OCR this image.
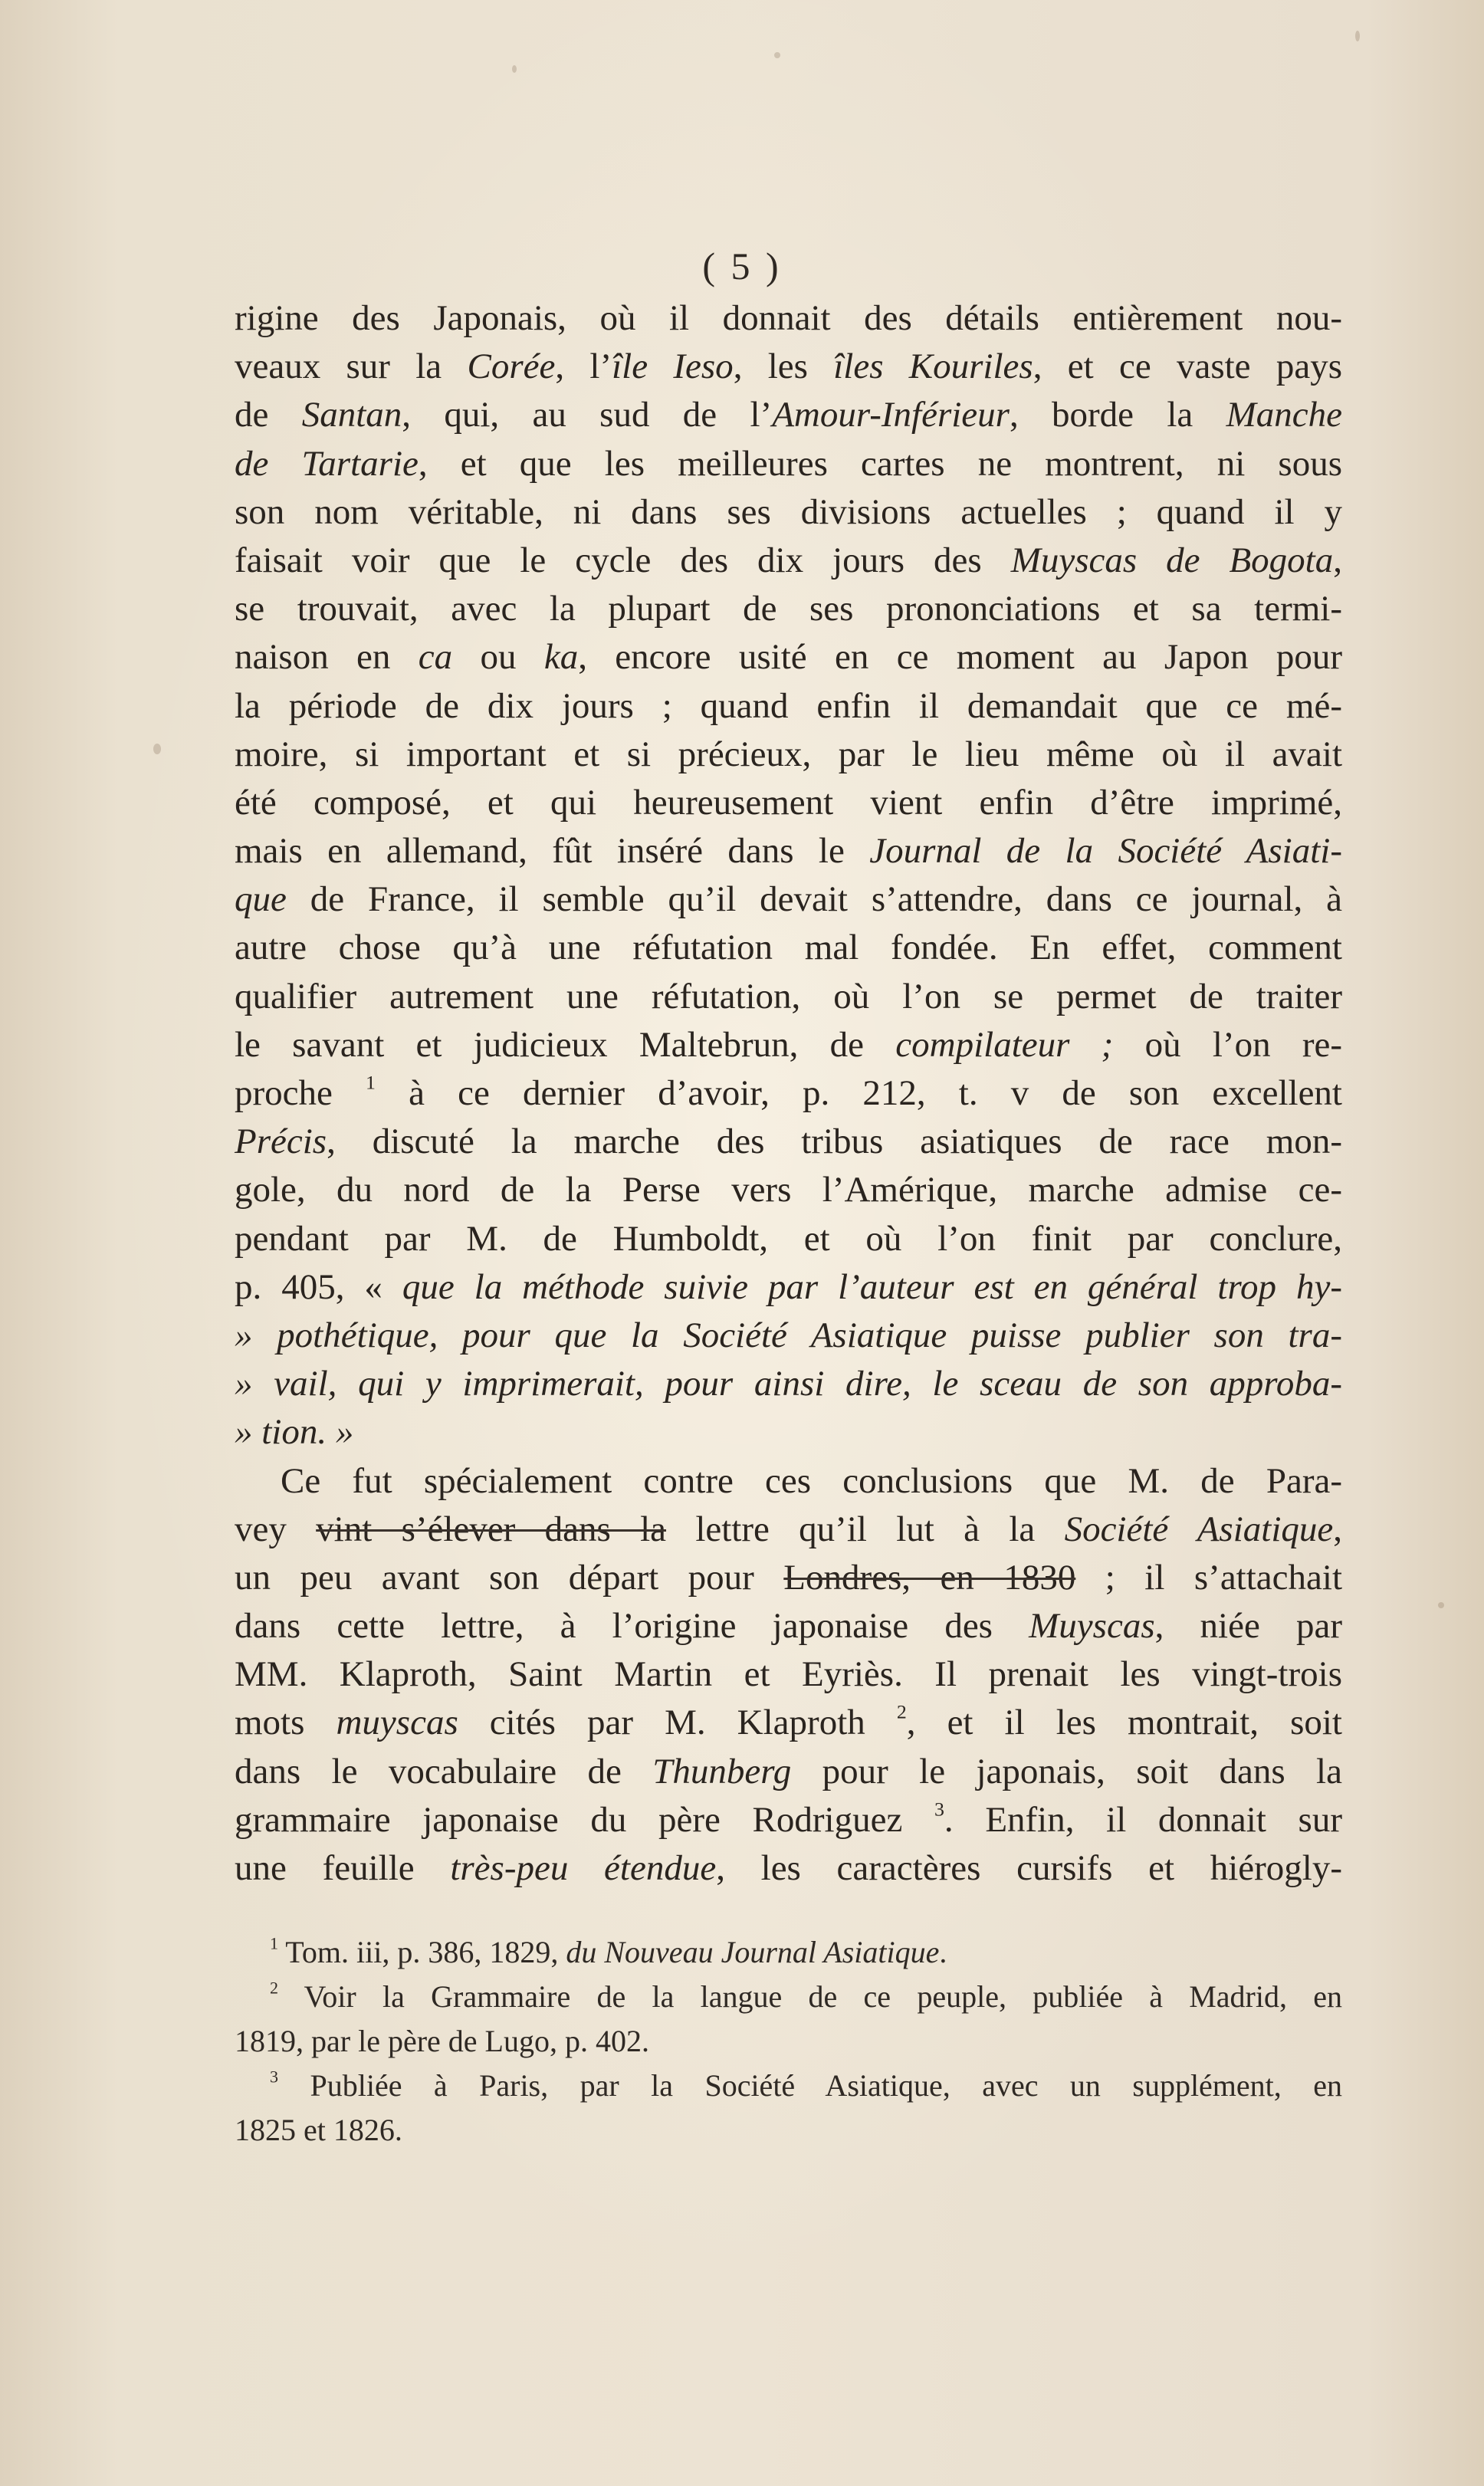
( 5 )
rigine des Japonais, où il donnait des détails entièrement nou-
veaux sur la Corée, l’île Ieso, les îles Kouriles, et ce vaste pays
de Santan, qui, au sud de l’Amour-Inférieur, borde la Manche
de Tartarie, et que les meilleures cartes ne montrent, ni sous
son nom véritable, ni dans ses divisions actuelles ; quand il y
faisait voir que le cycle des dix jours des Muyscas de Bogota,
se trouvait, avec la plupart de ses prononciations et sa termi-
naison en ca ou ka, encore usité en ce moment au Japon pour
la période de dix jours ; quand enfin il demandait que ce mé-
moire, si important et si précieux, par le lieu même où il avait
été composé, et qui heureusement vient enfin d’être imprimé,
mais en allemand, fût inséré dans le Journal de la Société Asiati-
que de France, il semble qu’il devait s’attendre, dans ce journal, à
autre chose qu’à une réfutation mal fondée. En effet, comment
qualifier autrement une réfutation, où l’on se permet de traiter
le savant et judicieux Maltebrun, de compilateur ; où l’on re-
proche $^1$ à ce dernier d’avoir, p. 212, t. v de son excellent
Précis, discuté la marche des tribus asiatiques de race mon-
gole, du nord de la Perse vers l’Amérique, marche admise ce-
pendant par M. de Humboldt, et où l’on finit par conclure,
p. 405, « que la méthode suivie par l’auteur est en général trop hy-
» pothétique, pour que la Société Asiatique puisse publier son tra-
» vail, qui y imprimerait, pour ainsi dire, le sceau de son approba-
» tion. »
Ce fut spécialement contre ces conclusions que M. de Para-
vey vint s’élever dans la lettre qu’il lut à la Société Asiatique,
un peu avant son départ pour Londres, en 1830 ; il s’attachait
dans cette lettre, à l’origine japonaise des Muyscas, niée par
MM. Klaproth, Saint Martin et Eyriès. Il prenait les vingt-trois
mots muyscas cités par M. Klaproth $^2$, et il les montrait, soit
dans le vocabulaire de Thunberg pour le japonais, soit dans la
grammaire japonaise du père Rodriguez $^3$. Enfin, il donnait sur
une feuille très-peu étendue, les caractères cursifs et hiérogly-
$^1$ Tom. iii, p. 386, 1829, du Nouveau Journal Asiatique.
$^2$ Voir la Grammaire de la langue de ce peuple, publiée à Madrid, en
1819, par le père de Lugo, p. 402.
$^3$ Publiée à Paris, par la Société Asiatique, avec un supplément, en
1825 et 1826.
